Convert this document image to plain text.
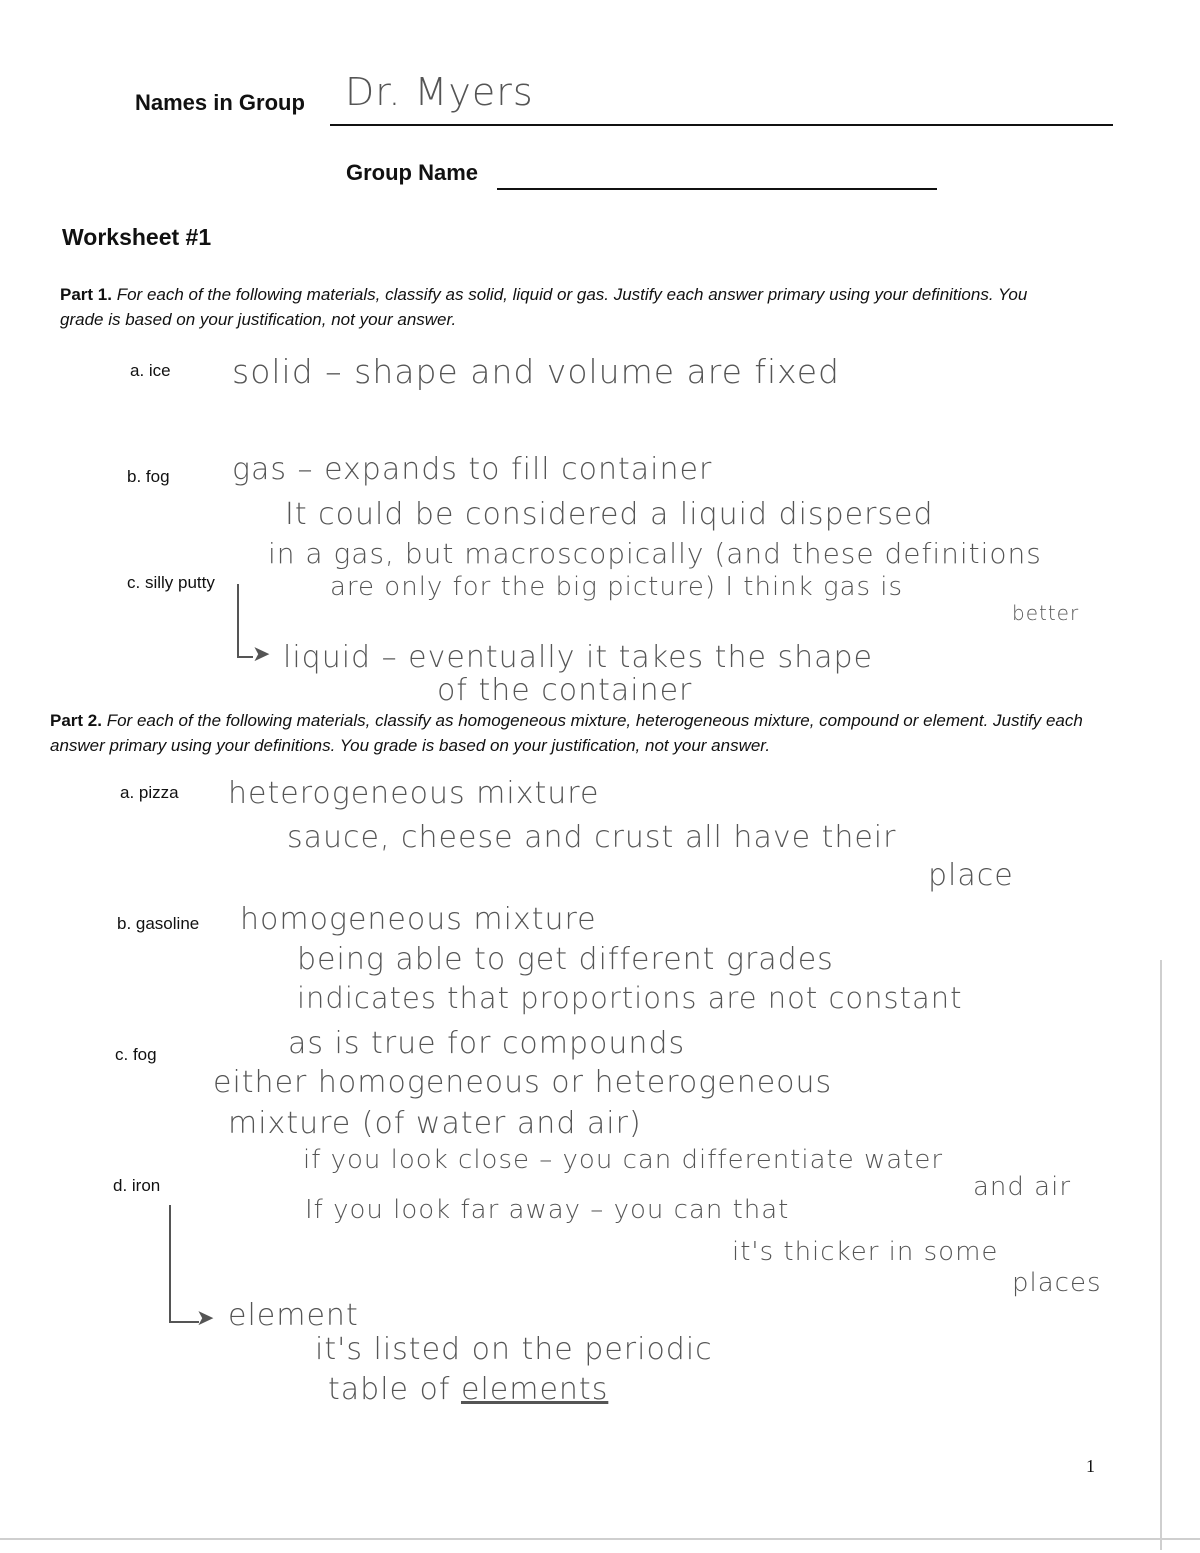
Names in Group Dr. Myers
Group Name
Worksheet #1
Part 1. For each of the following materials, classify as solid, liquid or gas. Justify each answer primary using your definitions. You grade is based on your justification, not your answer.
a. ice
b. fog
c. silly putty
solid – shape and volume are fixed
gas – expands to fill container
It could be considered a liquid dispersed
in a gas, but macroscopically (and these definitions
are only for the big picture) I think gas is
better
➤ liquid – eventually it takes the shape
of the container
Part 2. For each of the following materials, classify as homogeneous mixture, heterogeneous mixture, compound or element. Justify each answer primary using your definitions. You grade is based on your justification, not your answer.
a. pizza
b. gasoline
c. fog
d. iron
heterogeneous mixture
sauce, cheese and crust all have their
place
homogeneous mixture
being able to get different grades
indicates that proportions are not constant
as is true for compounds
either homogeneous or heterogeneous
mixture (of water and air)
if you look close – you can differentiate water
and air
If you look far away – you can that
it's thicker in some
places
➤ element
it's listed on the periodic
table of elements
1
